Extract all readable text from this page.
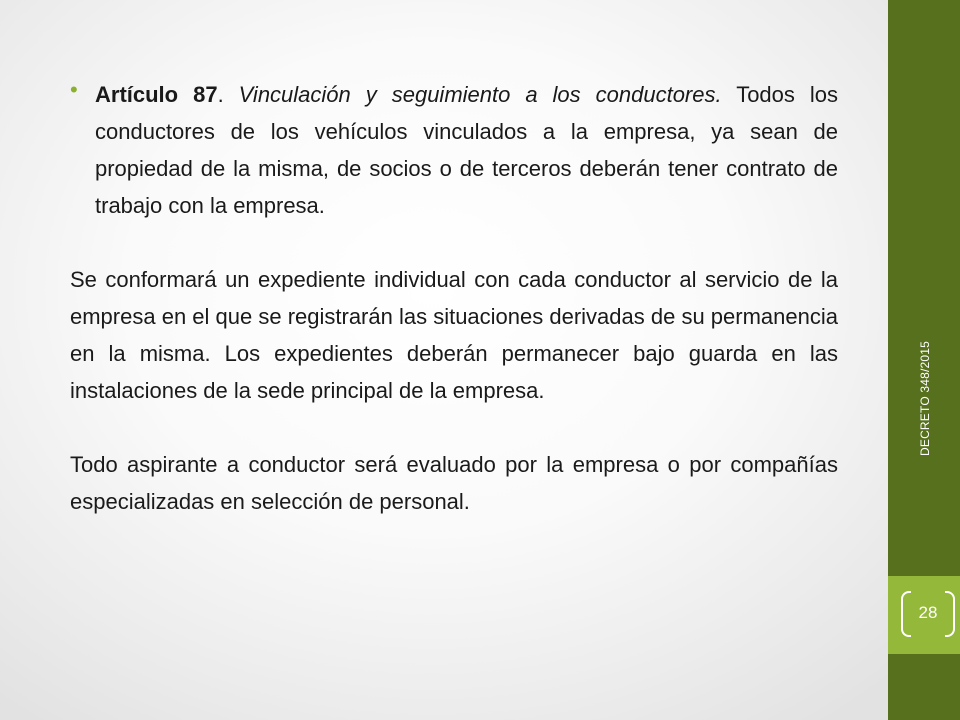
• Artículo 87. Vinculación y seguimiento a los conductores. Todos los conductores de los vehículos vinculados a la empresa, ya sean de propiedad de la misma, de socios o de terceros deberán tener contrato de trabajo con la empresa.

Se conformará un expediente individual con cada conductor al servicio de la empresa en el que se registrarán las situaciones derivadas de su permanencia en la misma. Los expedientes deberán permanecer bajo guarda en las instalaciones de la sede principal de la empresa.

Todo aspirante a conductor será evaluado por la empresa o por compañías especializadas en selección de personal.

DECRETO 348/2015
28
